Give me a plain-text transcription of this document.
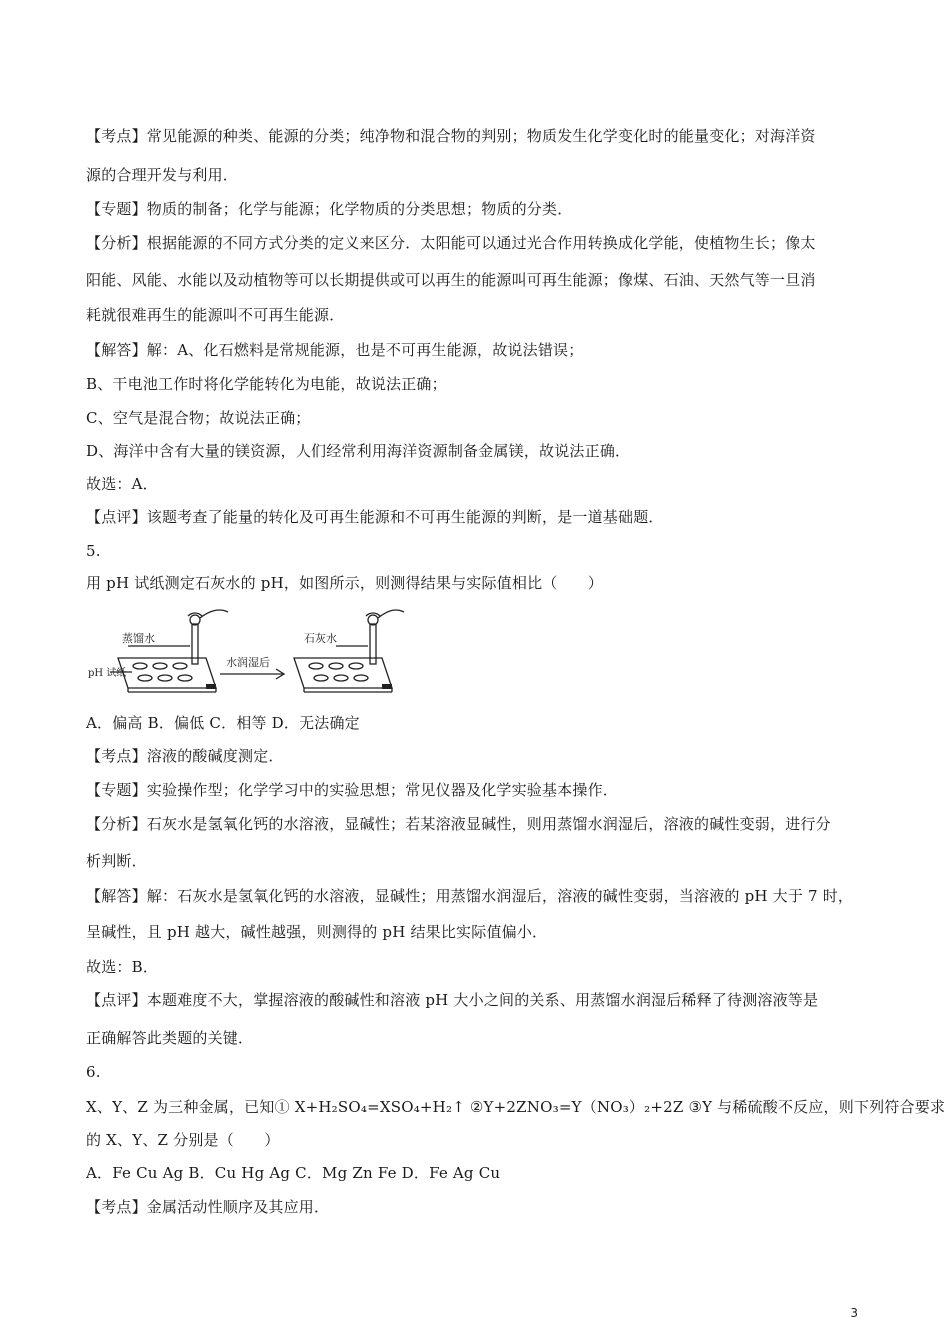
【考点】常见能源的种类、能源的分类；纯净物和混合物的判别；物质发生化学变化时的能量变化；对海洋资
源的合理开发与利用．
【专题】物质的制备；化学与能源；化学物质的分类思想；物质的分类．
【分析】根据能源的不同方式分类的定义来区分．太阳能可以通过光合作用转换成化学能，使植物生长；像太
阳能、风能、水能以及动植物等可以长期提供或可以再生的能源叫可再生能源；像煤、石油、天然气等一旦消
耗就很难再生的能源叫不可再生能源．
【解答】解：A、化石燃料是常规能源，也是不可再生能源，故说法错误；
B、干电池工作时将化学能转化为电能，故说法正确；
C、空气是混合物；故说法正确；
D、海洋中含有大量的镁资源，人们经常利用海洋资源制备金属镁，故说法正确．
故选：A．
【点评】该题考查了能量的转化及可再生能源和不可再生能源的判断，是一道基础题．
5.
用 pH 试纸测定石灰水的 pH，如图所示，则测得结果与实际值相比（　　）
蒸馏水
pH 试纸
水润湿后
石灰水
A．偏高 B．偏低 C．相等 D．无法确定
【考点】溶液的酸碱度测定．
【专题】实验操作型；化学学习中的实验思想；常见仪器及化学实验基本操作．
【分析】石灰水是氢氧化钙的水溶液，显碱性；若某溶液显碱性，则用蒸馏水润湿后，溶液的碱性变弱，进行分
析判断．
【解答】解：石灰水是氢氧化钙的水溶液，显碱性；用蒸馏水润湿后，溶液的碱性变弱，当溶液的 pH 大于 7 时，
呈碱性，且 pH 越大，碱性越强，则测得的 pH 结果比实际值偏小．
故选：B．
【点评】本题难度不大，掌握溶液的酸碱性和溶液 pH 大小之间的关系、用蒸馏水润湿后稀释了待测溶液等是
正确解答此类题的关键．
6.
X、Y、Z 为三种金属，已知① X+H₂SO₄=XSO₄+H₂↑ ②Y+2ZNO₃=Y（NO₃）₂+2Z ③Y 与稀硫酸不反应，则下列符合要求
的 X、Y、Z 分别是（　　）
A．Fe Cu Ag B．Cu Hg Ag C．Mg Zn Fe D．Fe Ag Cu
【考点】金属活动性顺序及其应用．
3
